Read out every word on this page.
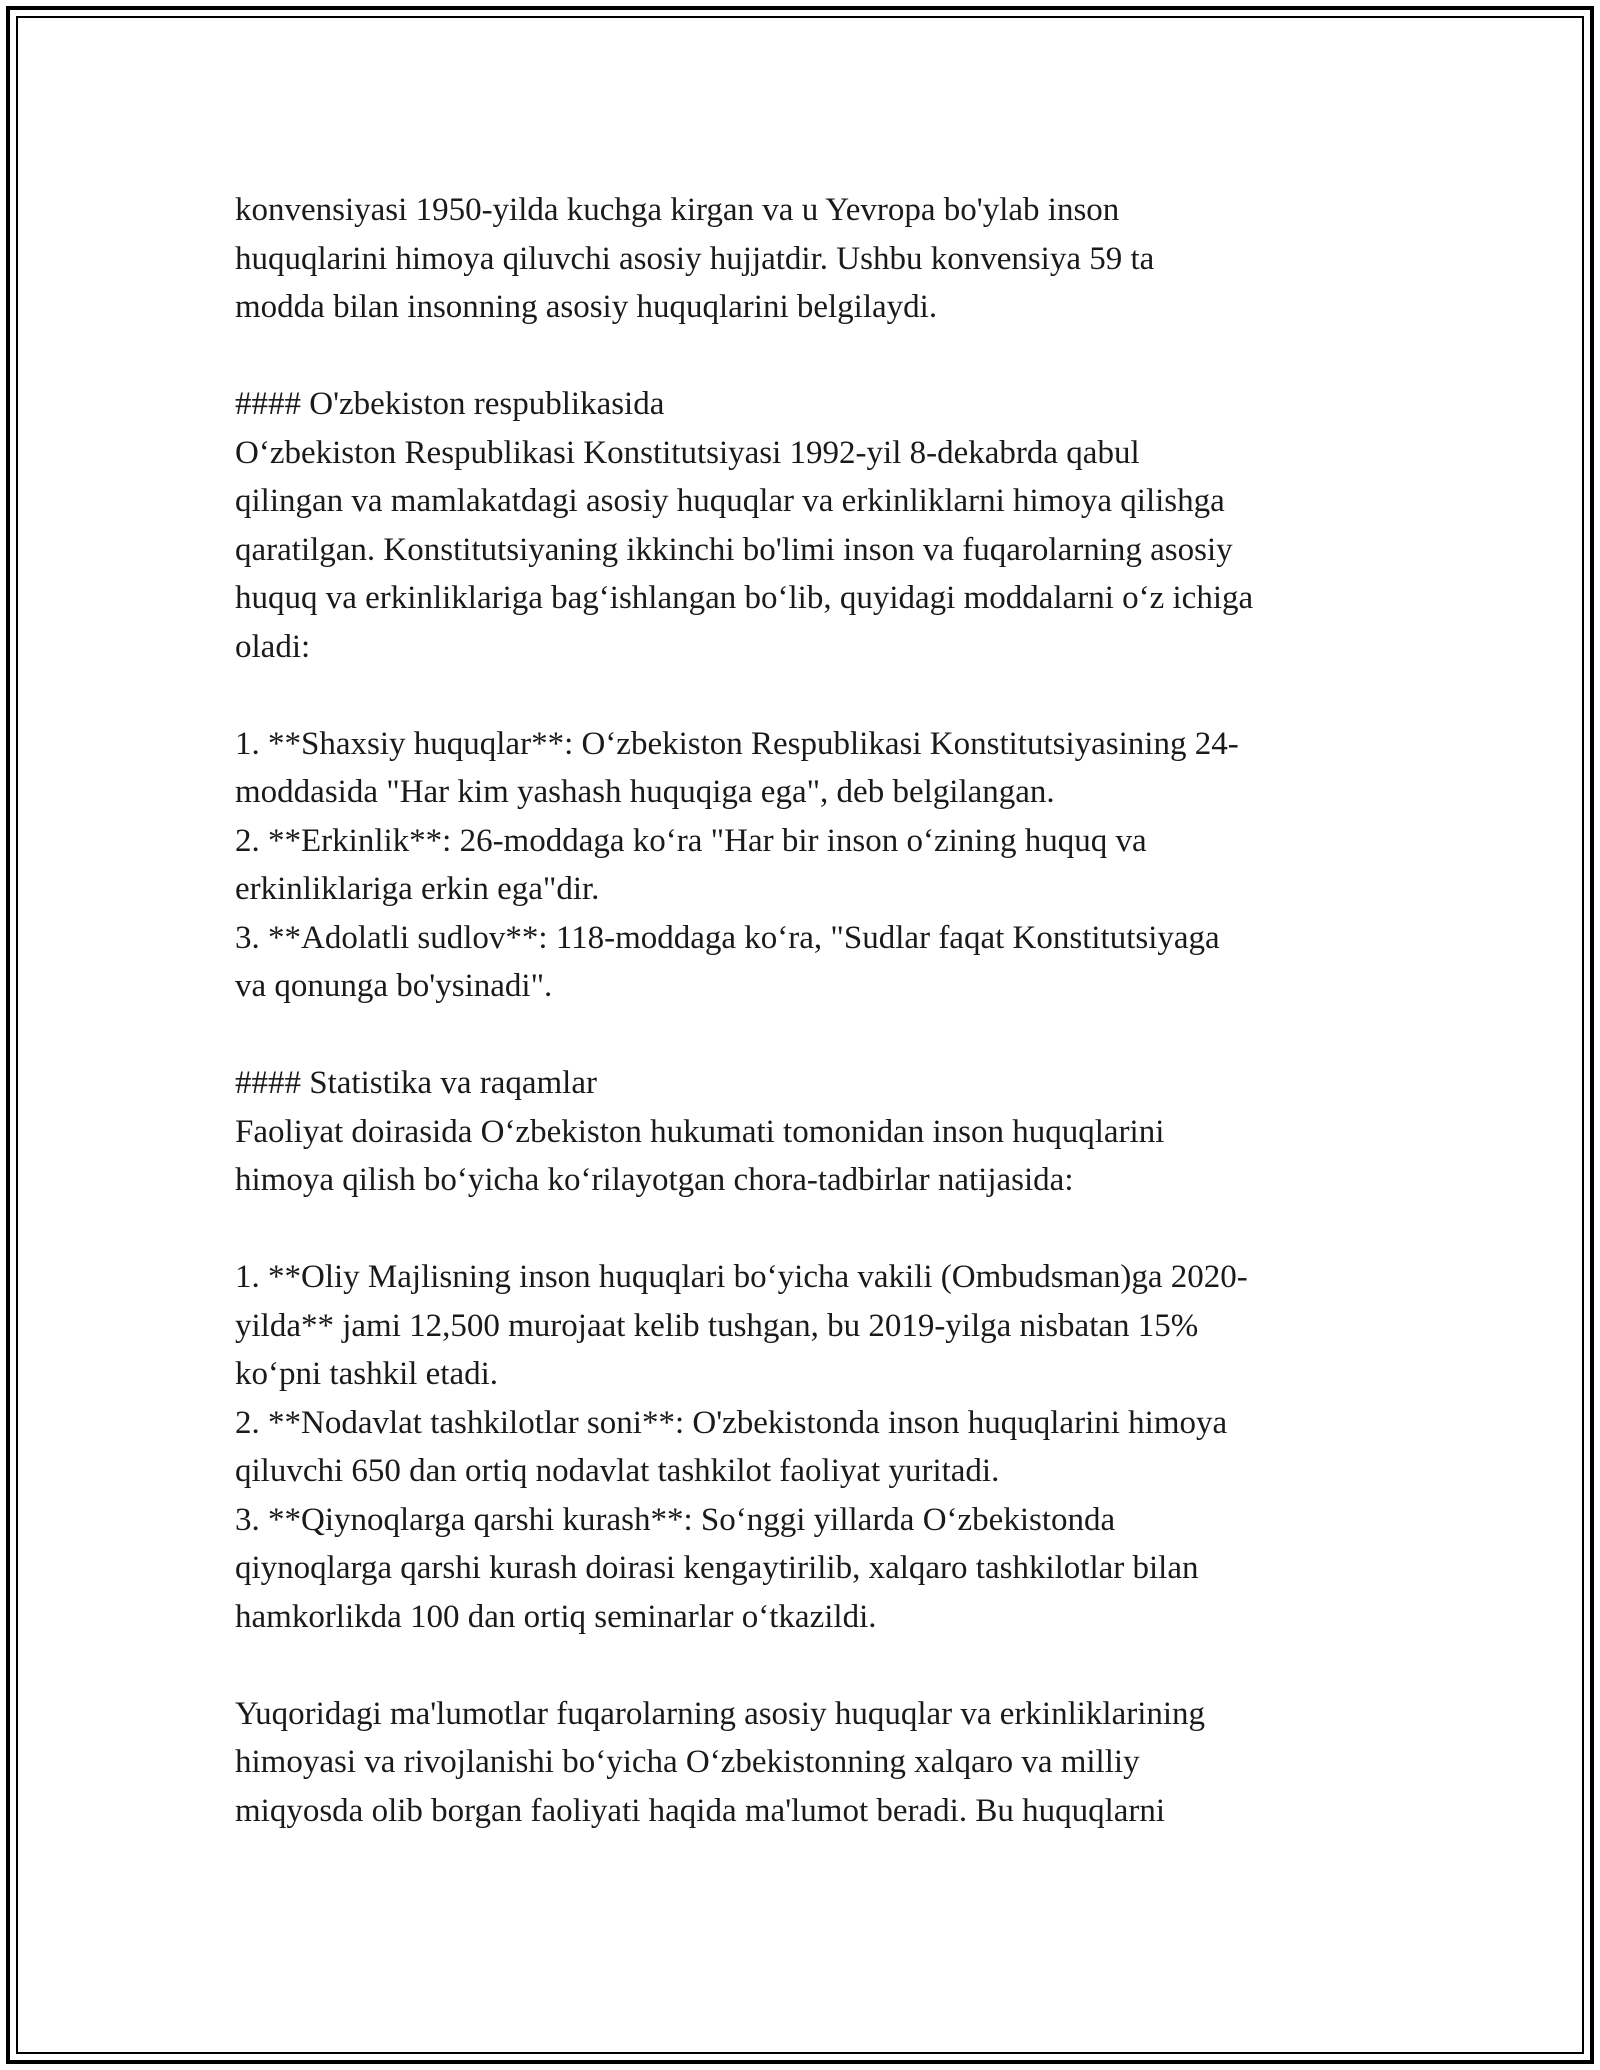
konvensiyasi 1950-yilda kuchga kirgan va u Yevropa bo'ylab inson
huquqlarini himoya qiluvchi asosiy hujjatdir. Ushbu konvensiya 59 ta
modda bilan insonning asosiy huquqlarini belgilaydi.
#### O'zbekiston respublikasida
O‘zbekiston Respublikasi Konstitutsiyasi 1992-yil 8-dekabrda qabul
qilingan va mamlakatdagi asosiy huquqlar va erkinliklarni himoya qilishga
qaratilgan. Konstitutsiyaning ikkinchi bo'limi inson va fuqarolarning asosiy
huquq va erkinliklariga bag‘ishlangan bo‘lib, quyidagi moddalarni o‘z ichiga
oladi:
1. **Shaxsiy huquqlar**: O‘zbekiston Respublikasi Konstitutsiyasining 24-
moddasida "Har kim yashash huquqiga ega", deb belgilangan.
2. **Erkinlik**: 26-moddaga ko‘ra "Har bir inson o‘zining huquq va
erkinliklariga erkin ega"dir.
3. **Adolatli sudlov**: 118-moddaga ko‘ra, "Sudlar faqat Konstitutsiyaga
va qonunga bo'ysinadi".
#### Statistika va raqamlar
Faoliyat doirasida O‘zbekiston hukumati tomonidan inson huquqlarini
himoya qilish bo‘yicha ko‘rilayotgan chora-tadbirlar natijasida:
1. **Oliy Majlisning inson huquqlari bo‘yicha vakili (Ombudsman)ga 2020-
yilda** jami 12,500 murojaat kelib tushgan, bu 2019-yilga nisbatan 15%
ko‘pni tashkil etadi.
2. **Nodavlat tashkilotlar soni**: O'zbekistonda inson huquqlarini himoya
qiluvchi 650 dan ortiq nodavlat tashkilot faoliyat yuritadi.
3. **Qiynoqlarga qarshi kurash**: So‘nggi yillarda O‘zbekistonda
qiynoqlarga qarshi kurash doirasi kengaytirilib, xalqaro tashkilotlar bilan
hamkorlikda 100 dan ortiq seminarlar o‘tkazildi.
Yuqoridagi ma'lumotlar fuqarolarning asosiy huquqlar va erkinliklarining
himoyasi va rivojlanishi bo‘yicha O‘zbekistonning xalqaro va milliy
miqyosda olib borgan faoliyati haqida ma'lumot beradi. Bu huquqlarni
